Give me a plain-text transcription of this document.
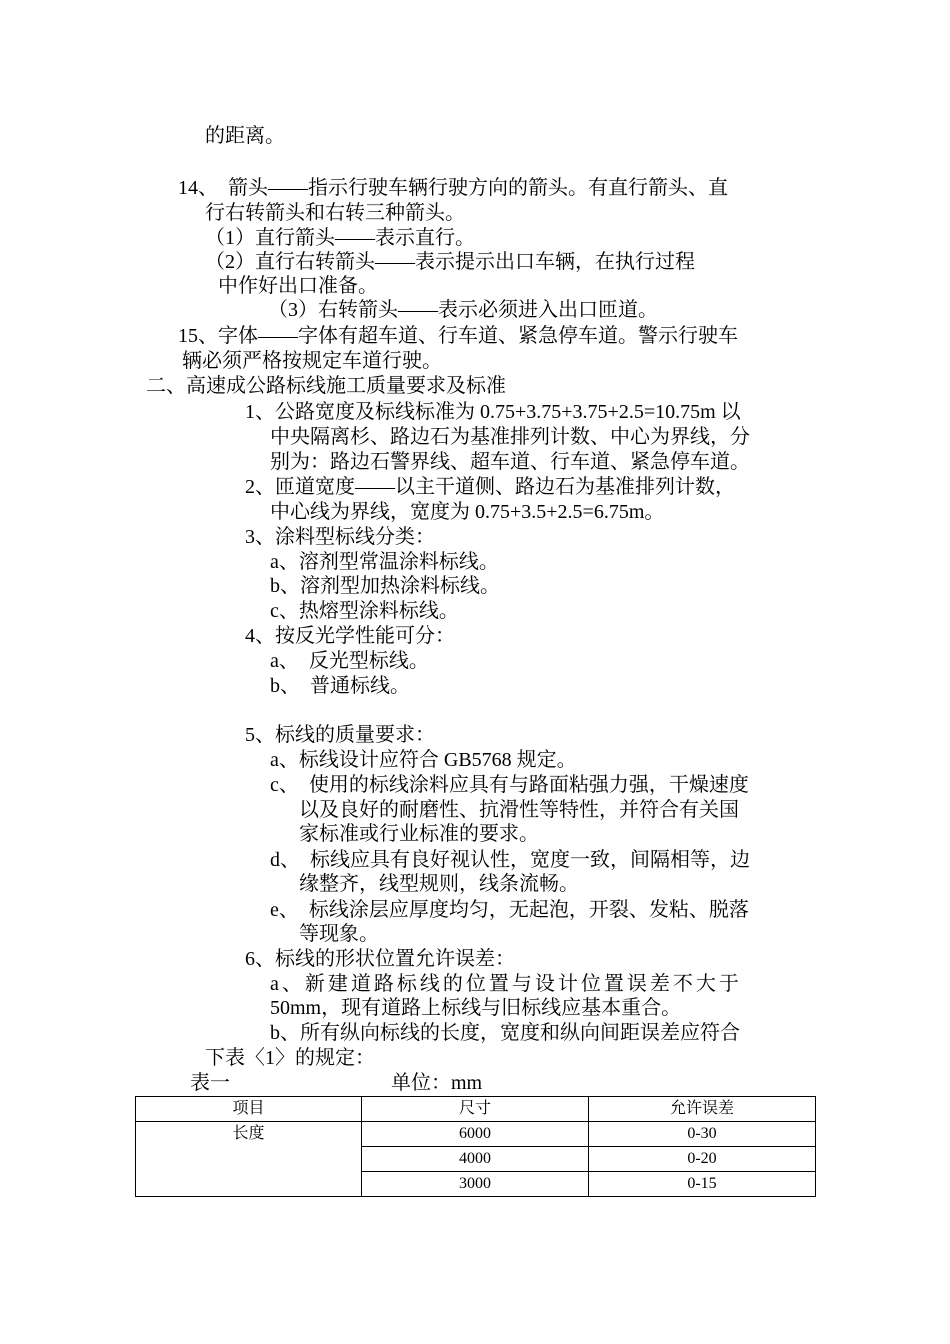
的距离。
14、　箭头——指示行驶车辆行驶方向的箭头。有直行箭头、直
行右转箭头和右转三种箭头。
（1）直行箭头——表示直行。
（2）直行右转箭头——表示提示出口车辆，在执行过程
中作好出口准备。
（3）右转箭头——表示必须进入出口匝道。
15、字体——字体有超车道、行车道、紧急停车道。警示行驶车
辆必须严格按规定车道行驶。
二、高速成公路标线施工质量要求及标准
1、公路宽度及标线标准为 0.75+3.75+3.75+2.5=10.75m 以
中央隔离杉、路边石为基准排列计数、中心为界线，分
别为：路边石警界线、超车道、行车道、紧急停车道。
2、匝道宽度——以主干道侧、路边石为基准排列计数，
中心线为界线，宽度为 0.75+3.5+2.5=6.75m。
3、涂料型标线分类：
a、溶剂型常温涂料标线。
b、溶剂型加热涂料标线。
c、热熔型涂料标线。
4、按反光学性能可分：
a、　反光型标线。
b、　普通标线。
5、标线的质量要求：
a、标线设计应符合 GB5768 规定。
c、　使用的标线涂料应具有与路面粘强力强，干燥速度
以及良好的耐磨性、抗滑性等特性，并符合有关国
家标准或行业标准的要求。
d、　标线应具有良好视认性，宽度一致，间隔相等，边
缘整齐，线型规则，线条流畅。
e、　标线涂层应厚度均匀，无起泡，开裂、发粘、脱落
等现象。
6、标线的形状位置允许误差：
a、新建道路标线的位置与设计位置误差不大于
50mm，现有道路上标线与旧标线应基本重合。
b、所有纵向标线的长度，宽度和纵向间距误差应符合
下表〈1〉的规定：
表一	单位：mm
项目	尺寸	允许误差
长度	6000	0-30
	4000	0-20
	3000	0-15
